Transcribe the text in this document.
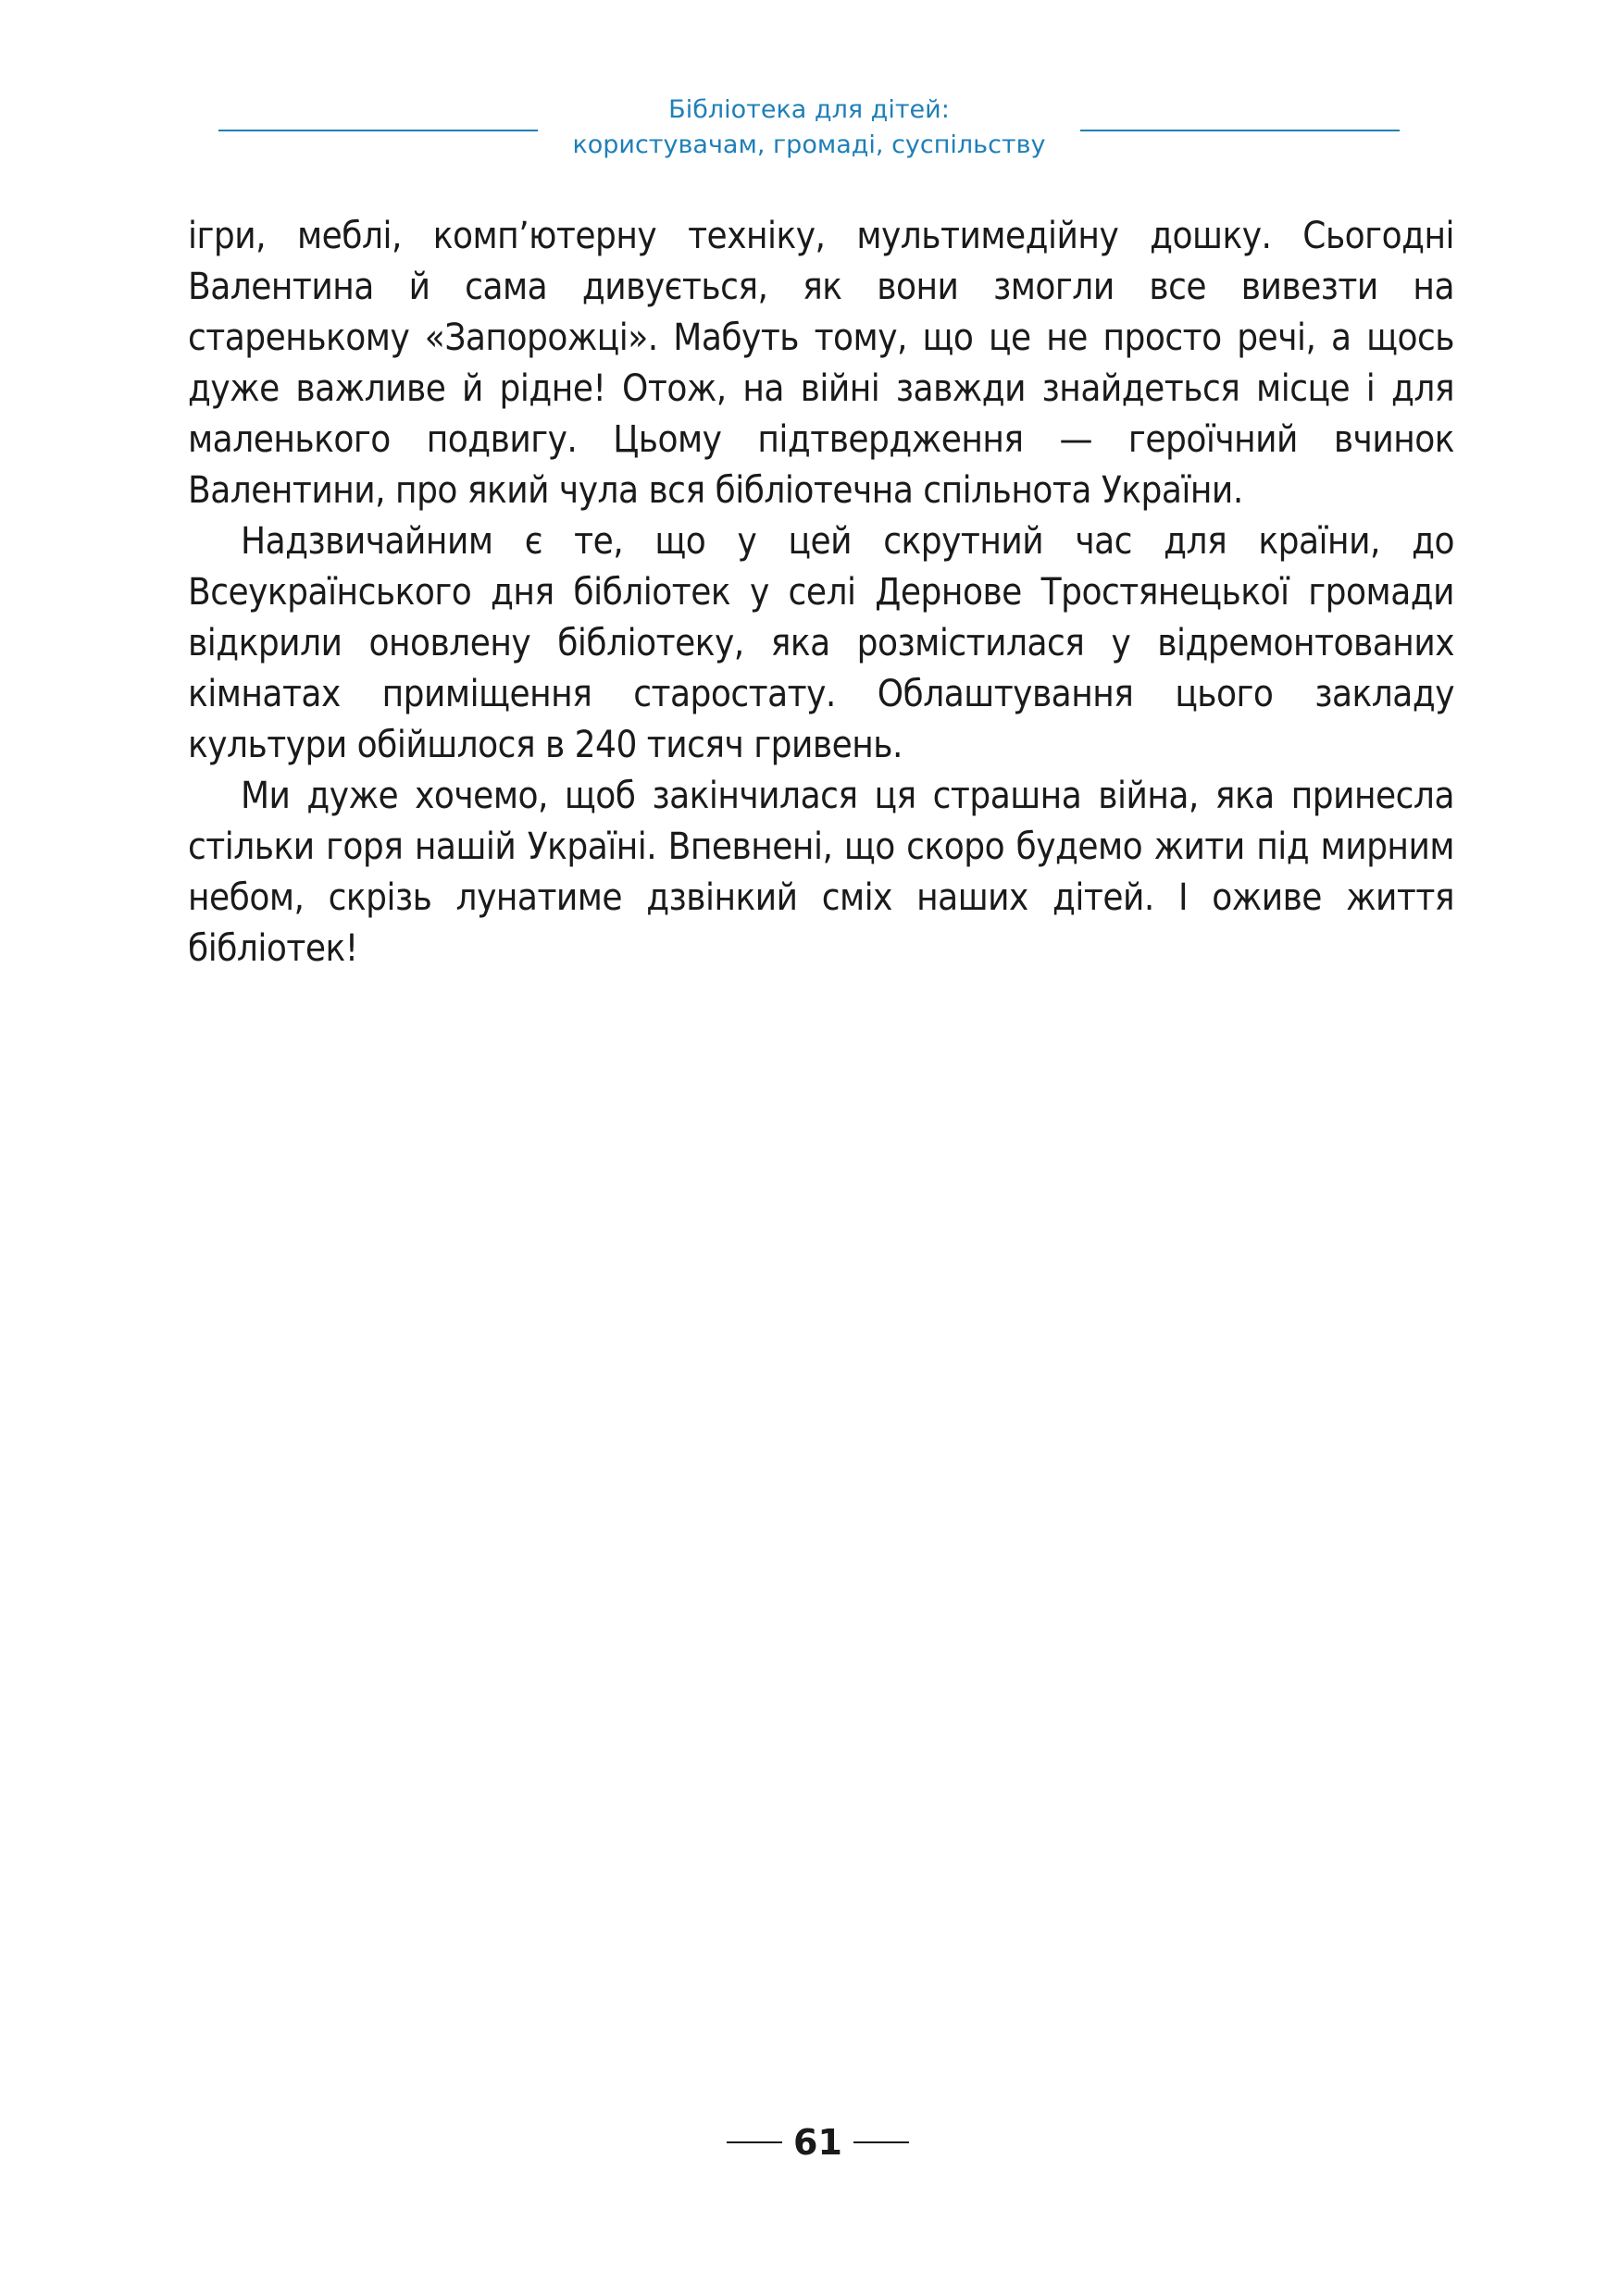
Бібліотека для дітей:
користувачам, громаді, суспільству

ігри, меблі, комп’ютерну техніку, мультимедійну дошку. Сьогодні Валентина й сама дивується, як вони змогли все вивезти на старенькому «Запорожці». Мабуть тому, що це не просто речі, а щось дуже важливе й рідне! Отож, на війні завжди знайдеться місце і для маленького подвигу. Цьому підтвердження — героїчний вчинок Валентини, про який чула вся бібліотечна спільнота України.

Надзвичайним є те, що у цей скрутний час для країни, до Всеукраїнського дня бібліотек у селі Дернове Тростянецької громади відкрили оновлену бібліотеку, яка розмістилася у відремонтованих кімнатах приміщення старостату. Облаштування цього закладу культури обійшлося в 240 тисяч гривень.

Ми дуже хочемо, щоб закінчилася ця страшна війна, яка принесла стільки горя нашій Україні. Впевнені, що скоро будемо жити під мирним небом, скрізь лунатиме дзвінкий сміх наших дітей. І оживе життя бібліотек!

61
